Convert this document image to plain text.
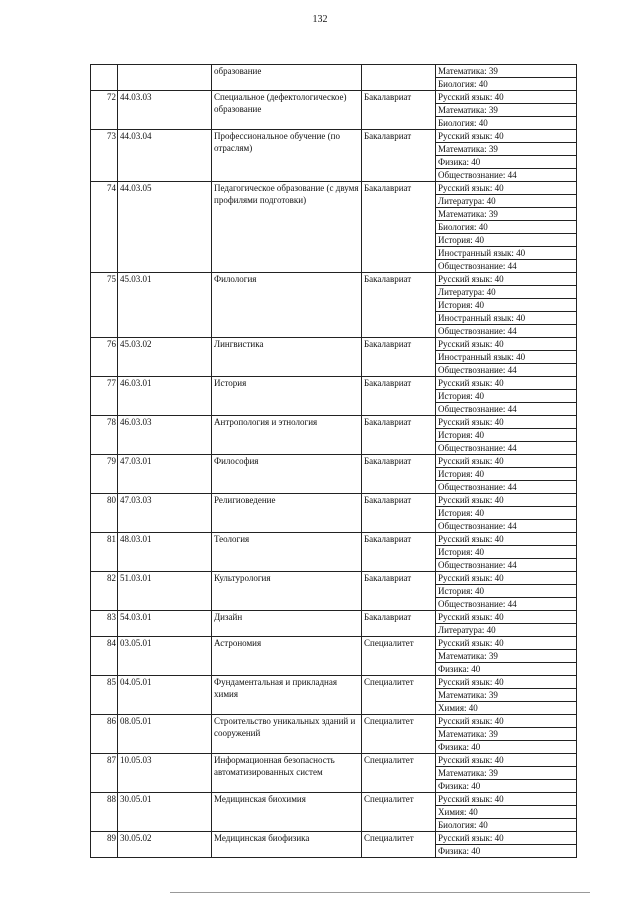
132
		образование		Математика: 39
				Биология: 40
72	44.03.03	Специальное (дефектологическое) образование	Бакалавриат	Русский язык: 40
				Математика: 39
				Биология: 40
73	44.03.04	Профессиональное обучение (по отраслям)	Бакалавриат	Русский язык: 40
				Математика: 39
				Физика: 40
				Обществознание: 44
74	44.03.05	Педагогическое образование (с двумя профилями подготовки)	Бакалавриат	Русский язык: 40
				Литература: 40
				Математика: 39
				Биология: 40
				История: 40
				Иностранный язык: 40
				Обществознание: 44
75	45.03.01	Филология	Бакалавриат	Русский язык: 40
				Литература: 40
				История: 40
				Иностранный язык: 40
				Обществознание: 44
76	45.03.02	Лингвистика	Бакалавриат	Русский язык: 40
				Иностранный язык: 40
				Обществознание: 44
77	46.03.01	История	Бакалавриат	Русский язык: 40
				История: 40
				Обществознание: 44
78	46.03.03	Антропология и этнология	Бакалавриат	Русский язык: 40
				История: 40
				Обществознание: 44
79	47.03.01	Философия	Бакалавриат	Русский язык: 40
				История: 40
				Обществознание: 44
80	47.03.03	Религиоведение	Бакалавриат	Русский язык: 40
				История: 40
				Обществознание: 44
81	48.03.01	Теология	Бакалавриат	Русский язык: 40
				История: 40
				Обществознание: 44
82	51.03.01	Культурология	Бакалавриат	Русский язык: 40
				История: 40
				Обществознание: 44
83	54.03.01	Дизайн	Бакалавриат	Русский язык: 40
				Литература: 40
84	03.05.01	Астрономия	Специалитет	Русский язык: 40
				Математика: 39
				Физика: 40
85	04.05.01	Фундаментальная и прикладная химия	Специалитет	Русский язык: 40
				Математика: 39
				Химия: 40
86	08.05.01	Строительство уникальных зданий и сооружений	Специалитет	Русский язык: 40
				Математика: 39
				Физика: 40
87	10.05.03	Информационная безопасность автоматизированных систем	Специалитет	Русский язык: 40
				Математика: 39
				Физика: 40
88	30.05.01	Медицинская биохимия	Специалитет	Русский язык: 40
				Химия: 40
				Биология: 40
89	30.05.02	Медицинская биофизика	Специалитет	Русский язык: 40
				Физика: 40
